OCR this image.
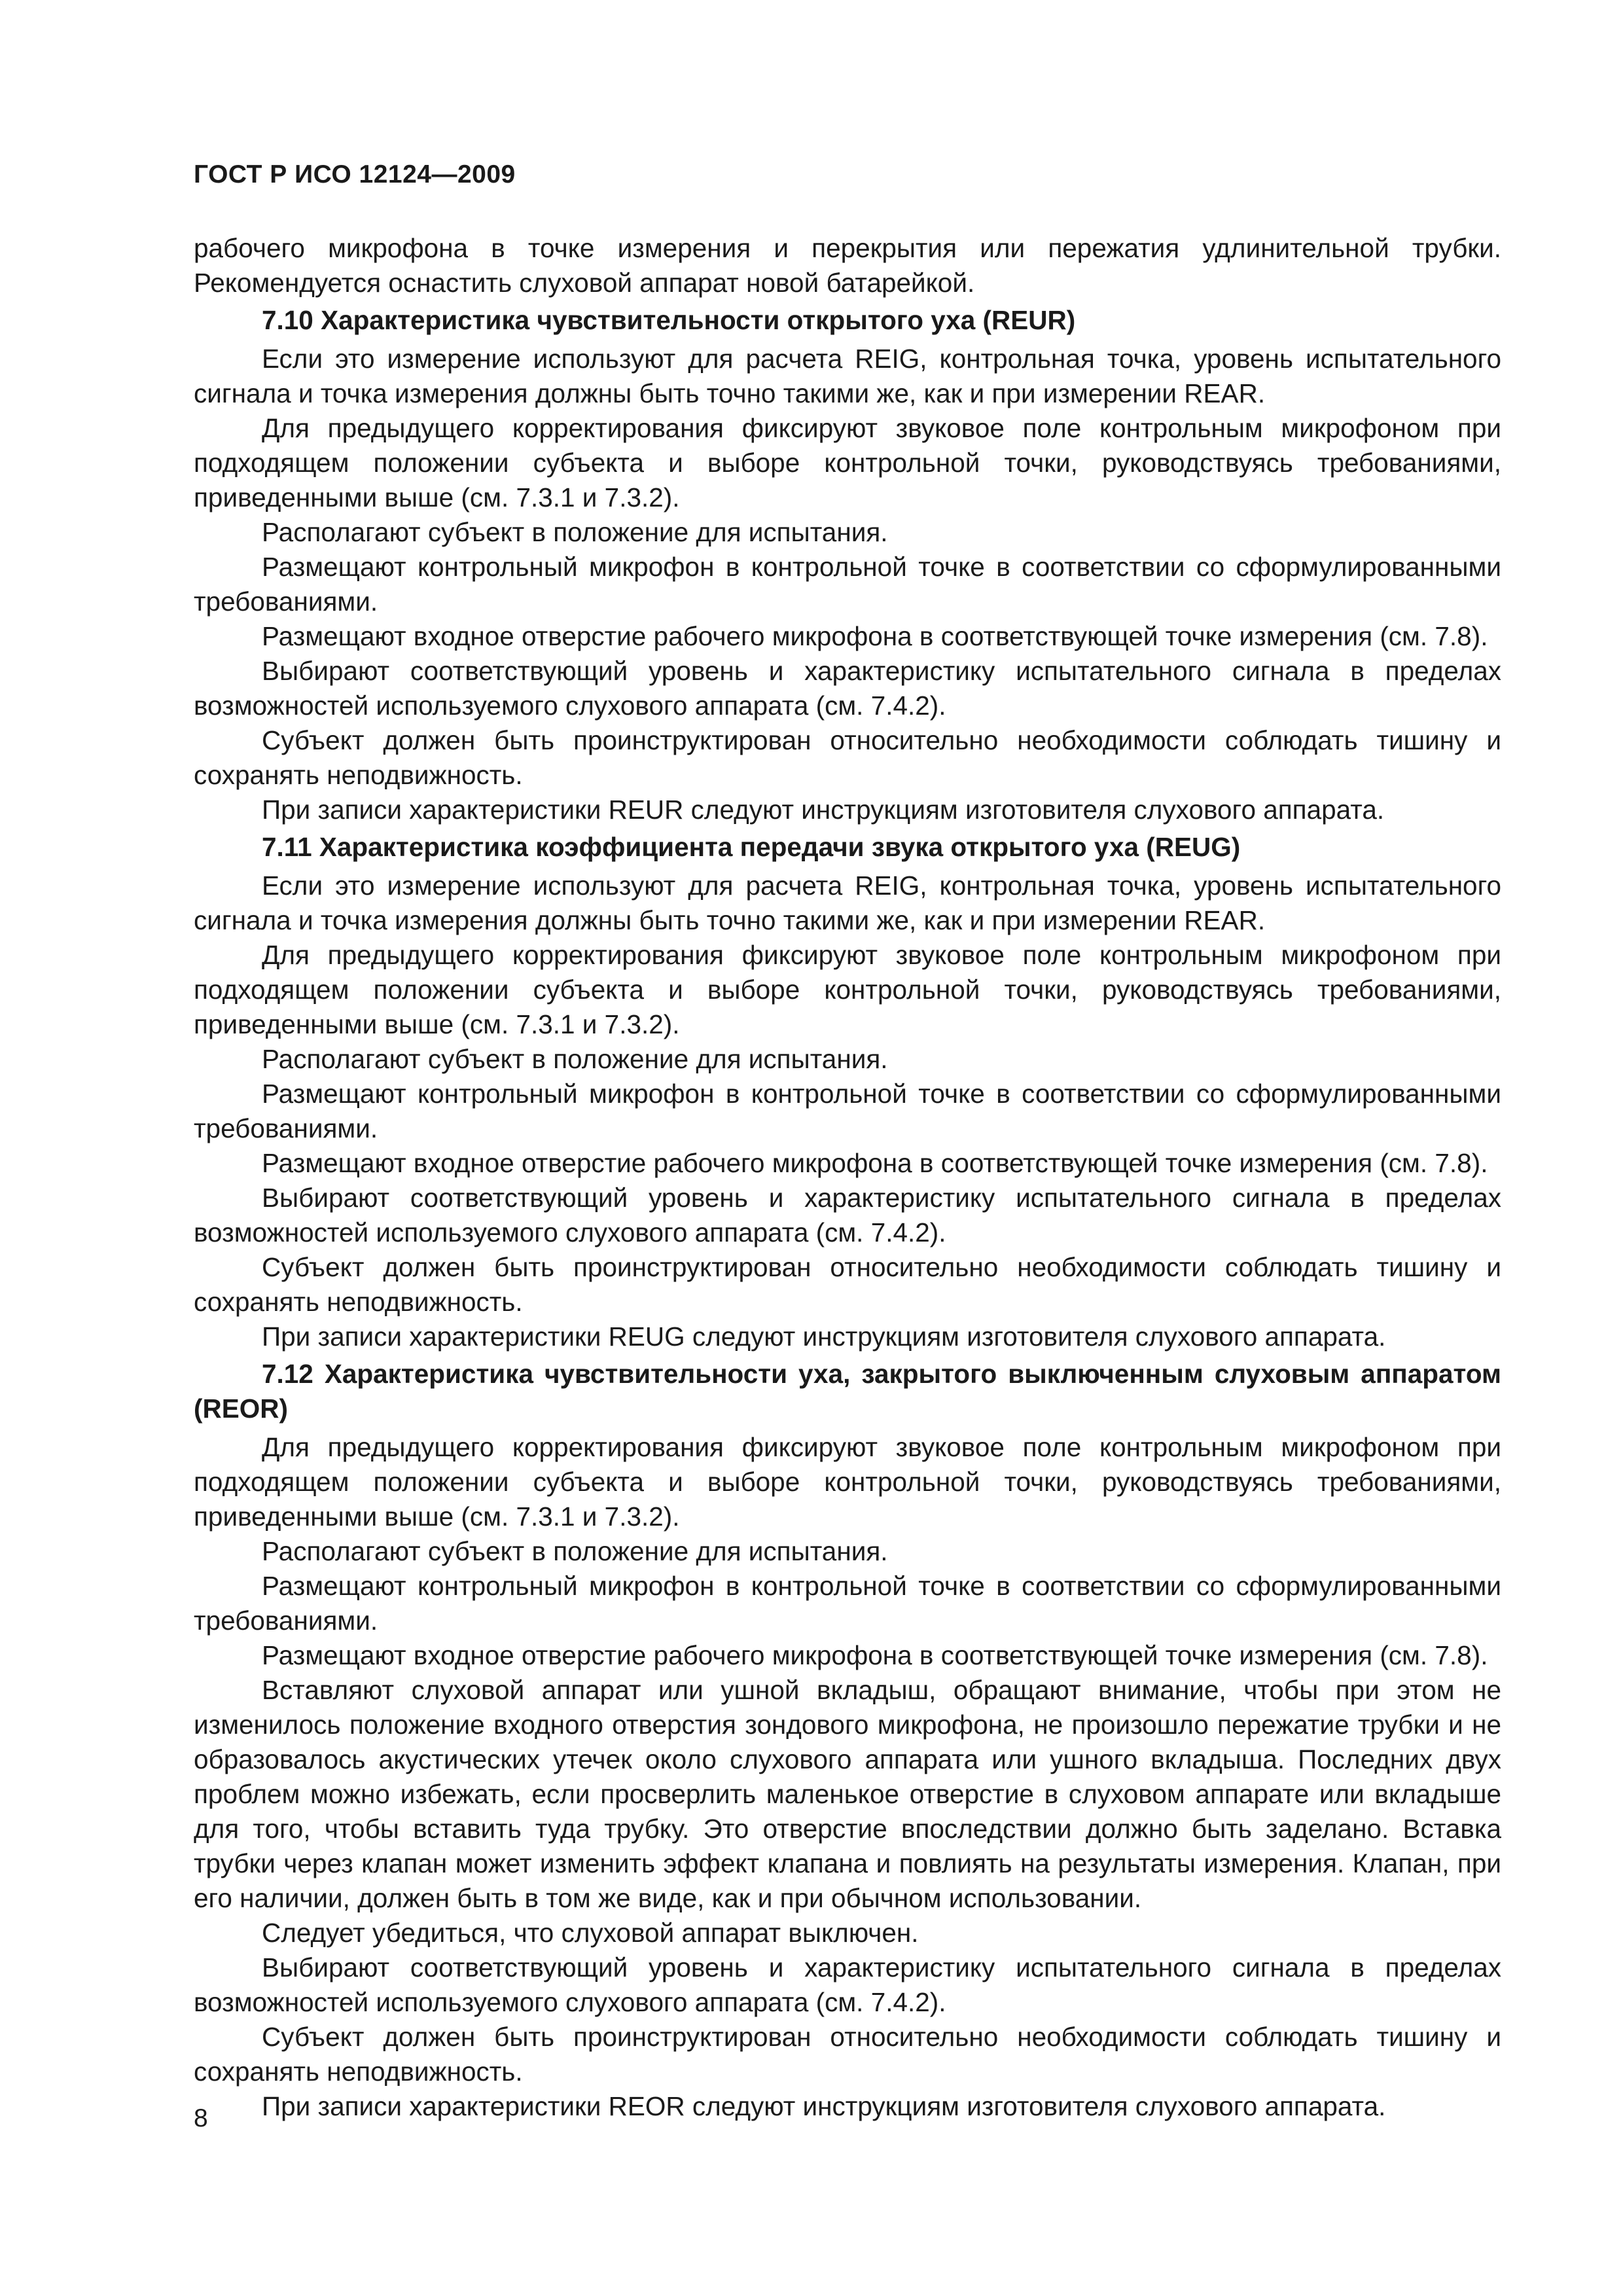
ГОСТ Р ИСО 12124—2009

рабочего микрофона в точке измерения и перекрытия или пережатия удлинительной трубки. Рекомендуется оснастить слуховой аппарат новой батарейкой.

7.10 Характеристика чувствительности открытого уха (REUR)

Если это измерение используют для расчета REIG, контрольная точка, уровень испытательного сигнала и точка измерения должны быть точно такими же, как и при измерении REAR.

Для предыдущего корректирования фиксируют звуковое поле контрольным микрофоном при подходящем положении субъекта и выборе контрольной точки, руководствуясь требованиями, приведенными выше (см. 7.3.1 и 7.3.2).

Располагают субъект в положение для испытания.

Размещают контрольный микрофон в контрольной точке в соответствии со сформулированными требованиями.

Размещают входное отверстие рабочего микрофона в соответствующей точке измерения (см. 7.8).

Выбирают соответствующий уровень и характеристику испытательного сигнала в пределах возможностей используемого слухового аппарата (см. 7.4.2).

Субъект должен быть проинструктирован относительно необходимости соблюдать тишину и сохранять неподвижность.

При записи характеристики REUR следуют инструкциям изготовителя слухового аппарата.

7.11 Характеристика коэффициента передачи звука открытого уха (REUG)

Если это измерение используют для расчета REIG, контрольная точка, уровень испытательного сигнала и точка измерения должны быть точно такими же, как и при измерении REAR.

Для предыдущего корректирования фиксируют звуковое поле контрольным микрофоном при подходящем положении субъекта и выборе контрольной точки, руководствуясь требованиями, приведенными выше (см. 7.3.1 и 7.3.2).

Располагают субъект в положение для испытания.

Размещают контрольный микрофон в контрольной точке в соответствии со сформулированными требованиями.

Размещают входное отверстие рабочего микрофона в соответствующей точке измерения (см. 7.8).

Выбирают соответствующий уровень и характеристику испытательного сигнала в пределах возможностей используемого слухового аппарата (см. 7.4.2).

Субъект должен быть проинструктирован относительно необходимости соблюдать тишину и сохранять неподвижность.

При записи характеристики REUG следуют инструкциям изготовителя слухового аппарата.

7.12 Характеристика чувствительности уха, закрытого выключенным слуховым аппаратом (REOR)

Для предыдущего корректирования фиксируют звуковое поле контрольным микрофоном при подходящем положении субъекта и выборе контрольной точки, руководствуясь требованиями, приведенными выше (см. 7.3.1 и 7.3.2).

Располагают субъект в положение для испытания.

Размещают контрольный микрофон в контрольной точке в соответствии со сформулированными требованиями.

Размещают входное отверстие рабочего микрофона в соответствующей точке измерения (см. 7.8).

Вставляют слуховой аппарат или ушной вкладыш, обращают внимание, чтобы при этом не изменилось положение входного отверстия зондового микрофона, не произошло пережатие трубки и не образовалось акустических утечек около слухового аппарата или ушного вкладыша. Последних двух проблем можно избежать, если просверлить маленькое отверстие в слуховом аппарате или вкладыше для того, чтобы вставить туда трубку. Это отверстие впоследствии должно быть заделано. Вставка трубки через клапан может изменить эффект клапана и повлиять на результаты измерения. Клапан, при его наличии, должен быть в том же виде, как и при обычном использовании.

Следует убедиться, что слуховой аппарат выключен.

Выбирают соответствующий уровень и характеристику испытательного сигнала в пределах возможностей используемого слухового аппарата (см. 7.4.2).

Субъект должен быть проинструктирован относительно необходимости соблюдать тишину и сохранять неподвижность.

При записи характеристики REOR следуют инструкциям изготовителя слухового аппарата.

8
